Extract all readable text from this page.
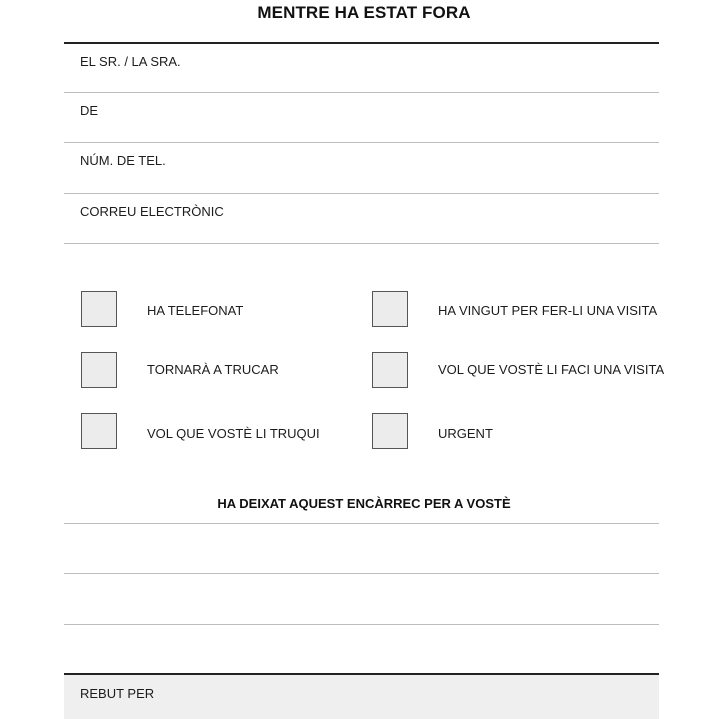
MENTRE HA ESTAT FORA
EL SR. / LA SRA.
DE
NÚM. DE TEL.
CORREU ELECTRÒNIC
HA TELEFONAT
TORNARÀ A TRUCAR
VOL QUE VOSTÈ LI TRUQUI
HA VINGUT PER FER-LI UNA VISITA
VOL QUE VOSTÈ LI FACI UNA VISITA
URGENT
HA DEIXAT AQUEST ENCÀRREC PER A VOSTÈ
REBUT PER
